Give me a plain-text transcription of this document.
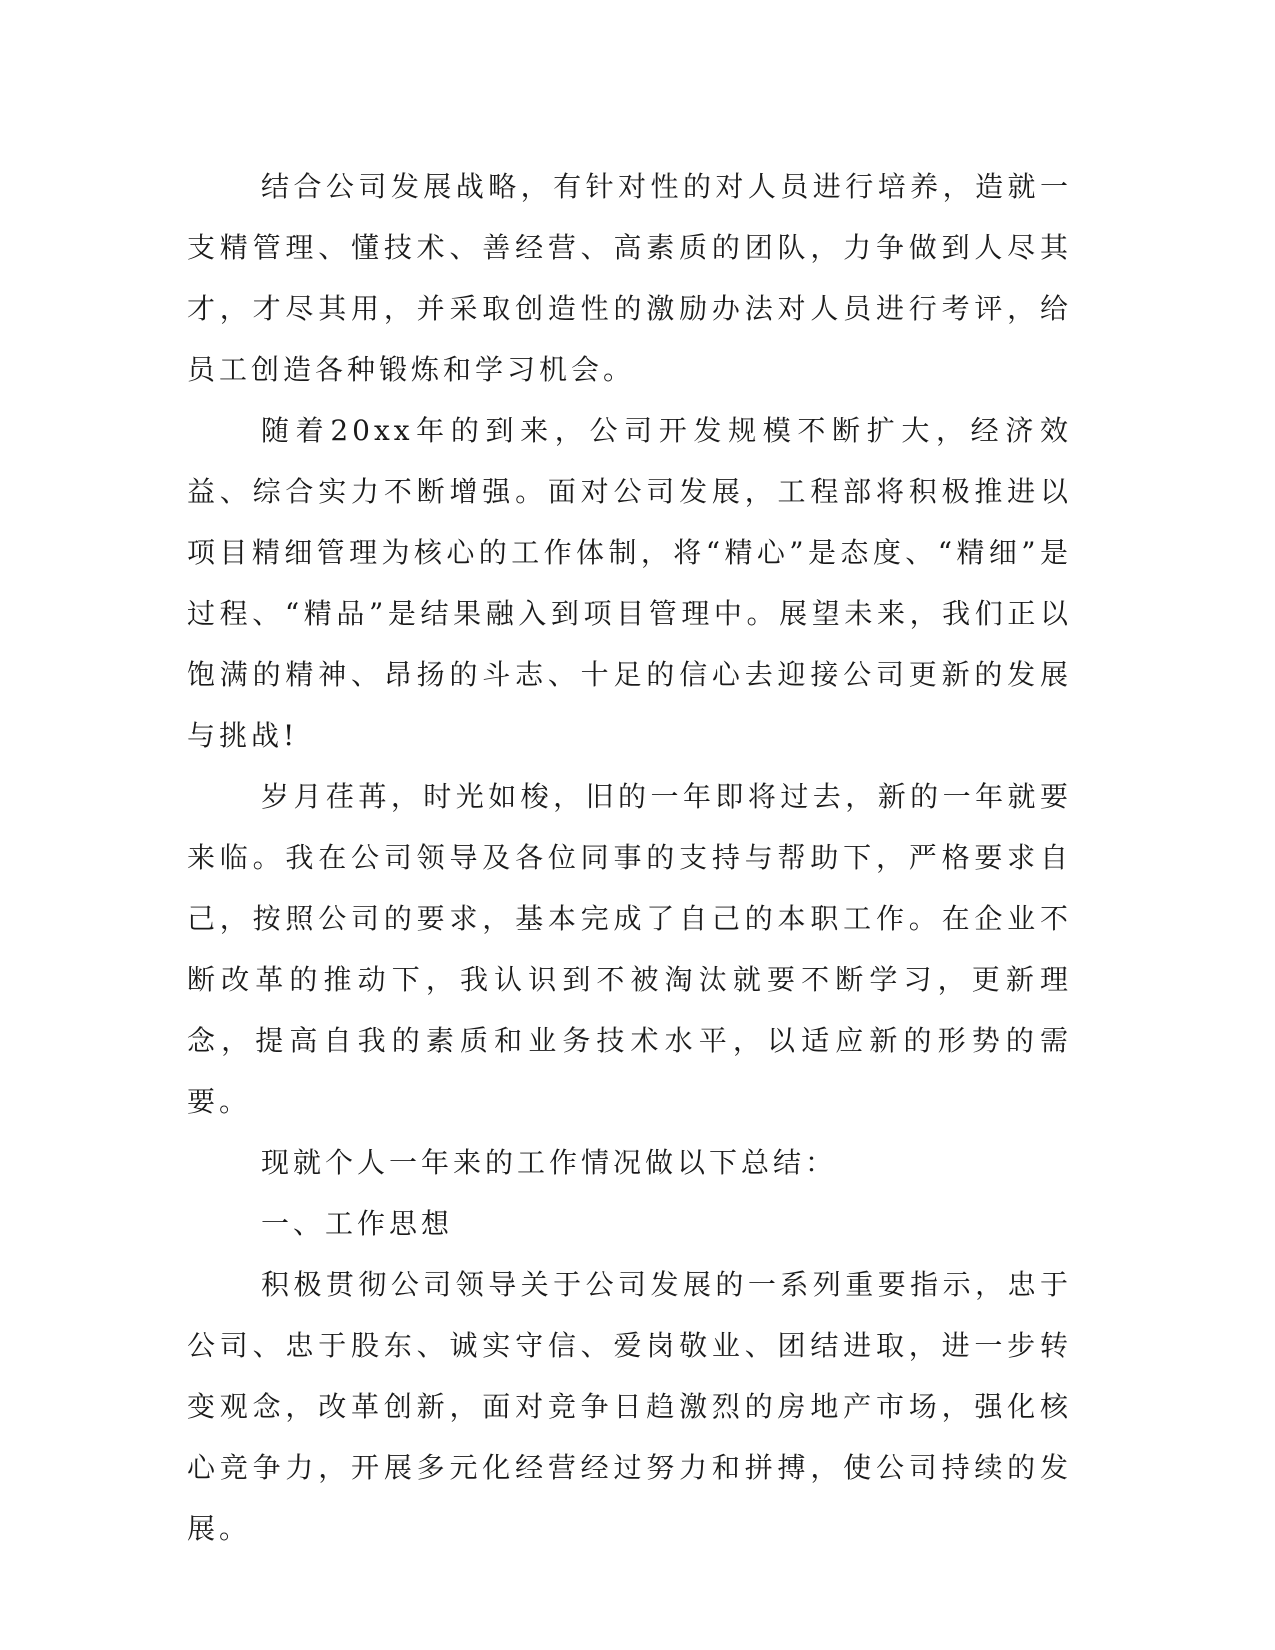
结合公司发展战略，有针对性的对人员进行培养，造就一支精管理、懂技术、善经营、高素质的团队，力争做到人尽其才，才尽其用，并采取创造性的激励办法对人员进行考评，给员工创造各种锻炼和学习机会。

随着20xx年的到来，公司开发规模不断扩大，经济效益、综合实力不断增强。面对公司发展，工程部将积极推进以项目精细管理为核心的工作体制，将“精心”是态度、“精细”是过程、“精品”是结果融入到项目管理中。展望未来，我们正以饱满的精神、昂扬的斗志、十足的信心去迎接公司更新的发展与挑战!

岁月荏苒，时光如梭，旧的一年即将过去，新的一年就要来临。我在公司领导及各位同事的支持与帮助下，严格要求自己，按照公司的要求，基本完成了自己的本职工作。在企业不断改革的推动下，我认识到不被淘汰就要不断学习，更新理念，提高自我的素质和业务技术水平，以适应新的形势的需要。

现就个人一年来的工作情况做以下总结：

一、工作思想

积极贯彻公司领导关于公司发展的一系列重要指示，忠于公司、忠于股东、诚实守信、爱岗敬业、团结进取，进一步转变观念，改革创新，面对竞争日趋激烈的房地产市场，强化核心竞争力，开展多元化经营经过努力和拼搏，使公司持续的发展。
